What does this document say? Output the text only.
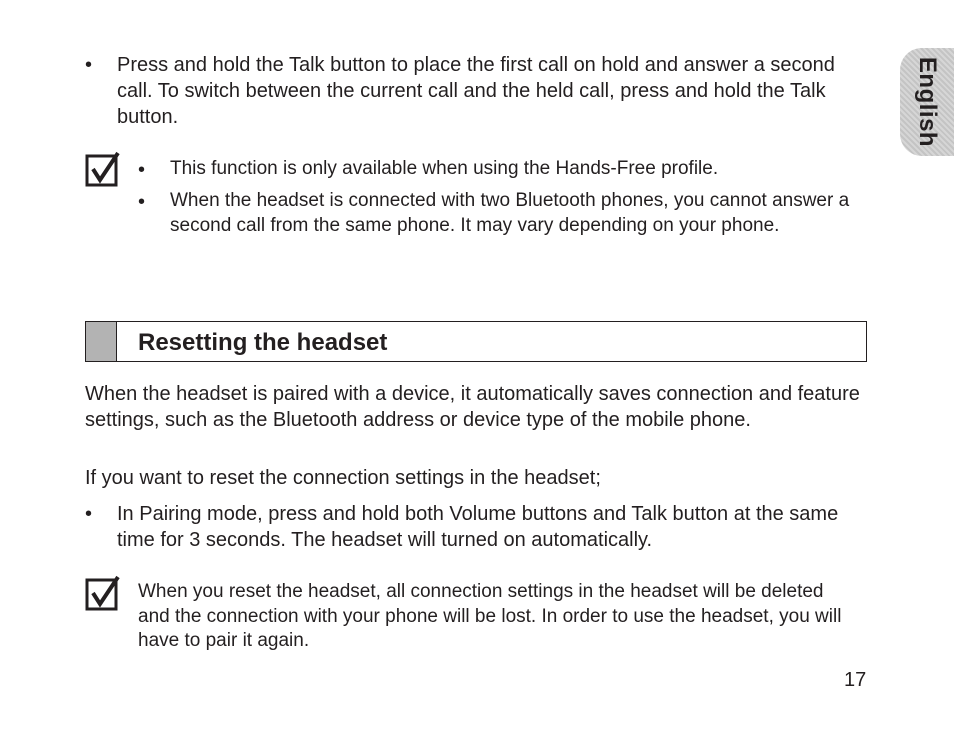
English
• Press and hold the Talk button to place the first call on hold and answer a second call. To switch between the current call and the held call, press and hold the Talk button.
• This function is only available when using the Hands-Free profile.
• When the headset is connected with two Bluetooth phones, you cannot answer a second call from the same phone. It may vary depending on your phone.
Resetting the headset
When the headset is paired with a device, it automatically saves connection and feature settings, such as the Bluetooth address or device type of the mobile phone.
If you want to reset the connection settings in the headset;
• In Pairing mode, press and hold both Volume buttons and Talk button at the same time for 3 seconds. The headset will turned on automatically.
When you reset the headset, all connection settings in the headset will be deleted and the connection with your phone will be lost. In order to use the headset, you will have to pair it again.
17
